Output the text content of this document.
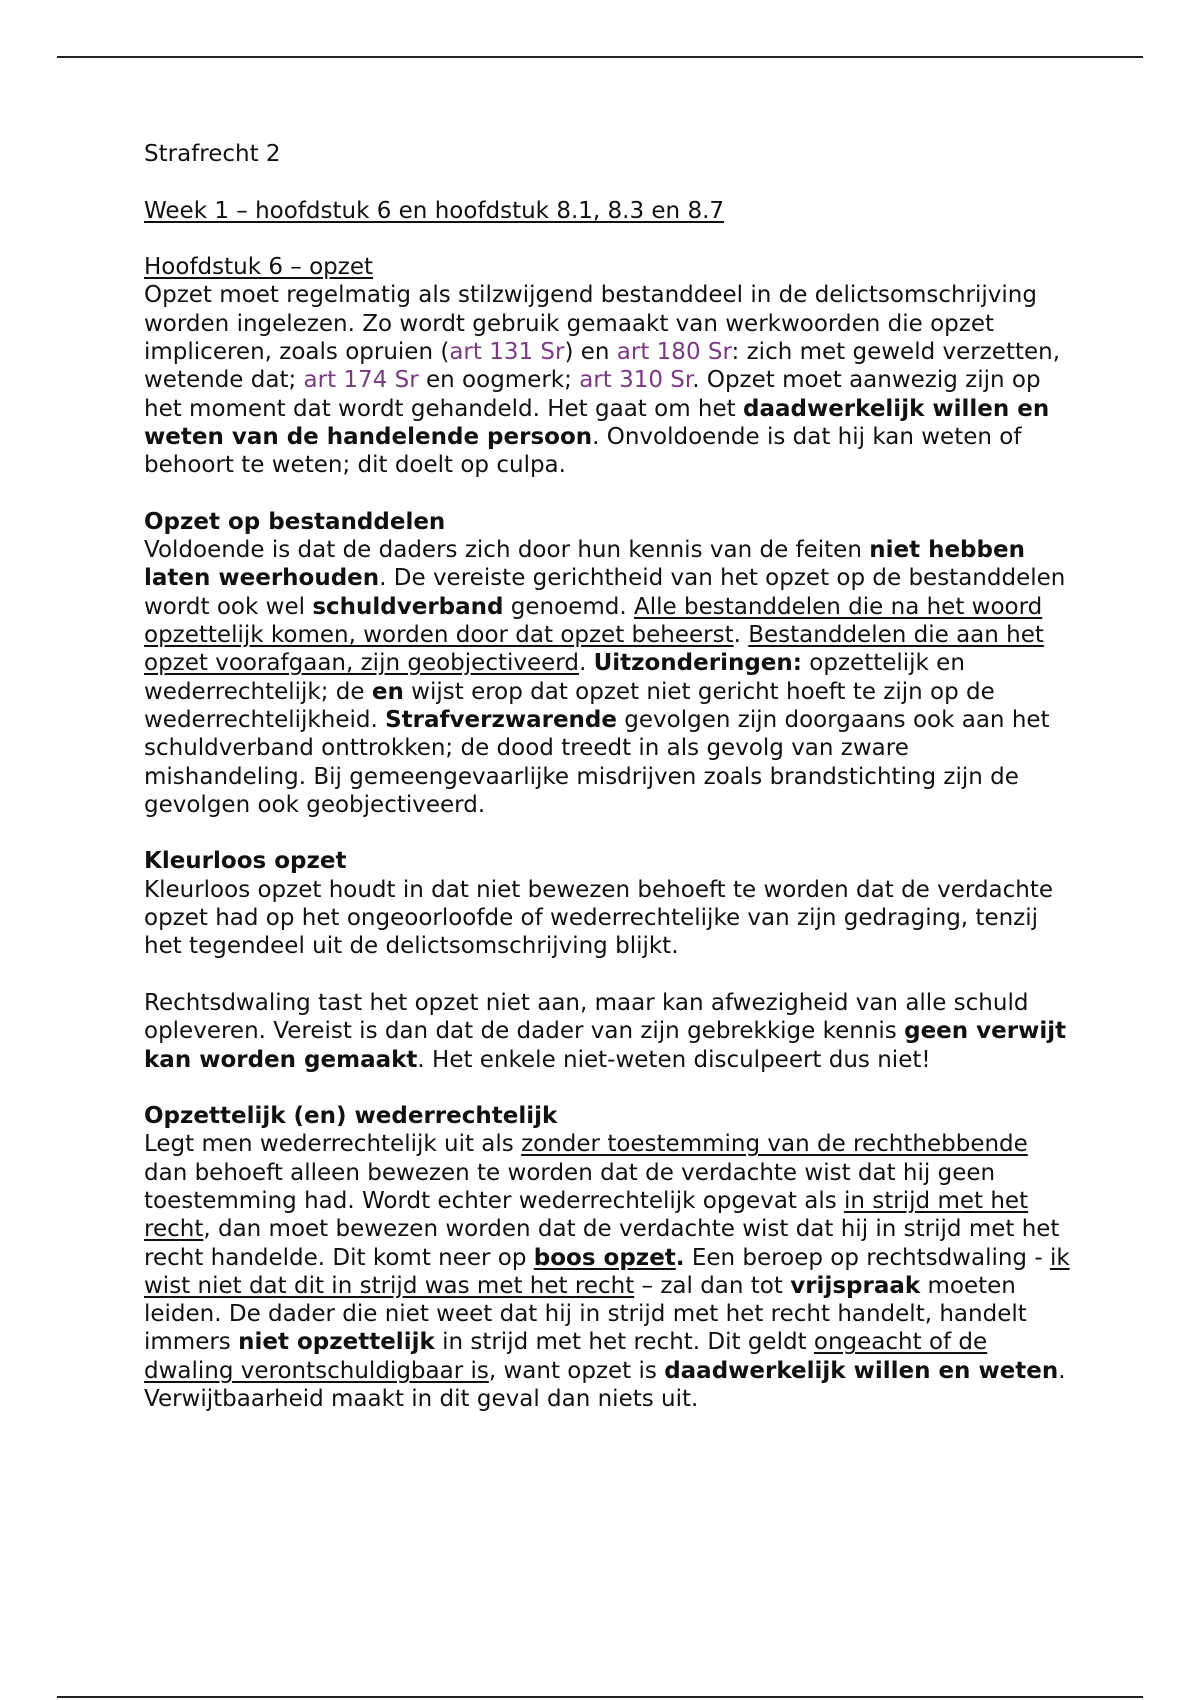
Strafrecht 2

Week 1 – hoofdstuk 6 en hoofdstuk 8.1, 8.3 en 8.7

Hoofdstuk 6 – opzet

Opzet moet regelmatig als stilzwijgend bestanddeel in de delictsomschrijving worden ingelezen. Zo wordt gebruik gemaakt van werkwoorden die opzet impliceren, zoals opruien (art 131 Sr) en art 180 Sr: zich met geweld verzetten, wetende dat; art 174 Sr en oogmerk; art 310 Sr. Opzet moet aanwezig zijn op het moment dat wordt gehandeld. Het gaat om het daadwerkelijk willen en weten van de handelende persoon. Onvoldoende is dat hij kan weten of behoort te weten; dit doelt op culpa.

Opzet op bestanddelen

Voldoende is dat de daders zich door hun kennis van de feiten niet hebben laten weerhouden. De vereiste gerichtheid van het opzet op de bestanddelen wordt ook wel schuldverband genoemd. Alle bestanddelen die na het woord opzettelijk komen, worden door dat opzet beheerst. Bestanddelen die aan het opzet voorafgaan, zijn geobjectiveerd. Uitzonderingen: opzettelijk en wederrechtelijk; de en wijst erop dat opzet niet gericht hoeft te zijn op de wederrechtelijkheid. Strafverzwarende gevolgen zijn doorgaans ook aan het schuldverband onttrokken; de dood treedt in als gevolg van zware mishandeling. Bij gemeengevaarlijke misdrijven zoals brandstichting zijn de gevolgen ook geobjectiveerd.

Kleurloos opzet

Kleurloos opzet houdt in dat niet bewezen behoeft te worden dat de verdachte opzet had op het ongeoorloofde of wederrechtelijke van zijn gedraging, tenzij het tegendeel uit de delictsomschrijving blijkt.

Rechtsdwaling tast het opzet niet aan, maar kan afwezigheid van alle schuld opleveren. Vereist is dan dat de dader van zijn gebrekkige kennis geen verwijt kan worden gemaakt. Het enkele niet-weten disculpeert dus niet!

Opzettelijk (en) wederrechtelijk

Legt men wederrechtelijk uit als zonder toestemming van de rechthebbende dan behoeft alleen bewezen te worden dat de verdachte wist dat hij geen toestemming had. Wordt echter wederrechtelijk opgevat als in strijd met het recht, dan moet bewezen worden dat de verdachte wist dat hij in strijd met het recht handelde. Dit komt neer op boos opzet. Een beroep op rechtsdwaling - ik wist niet dat dit in strijd was met het recht – zal dan tot vrijspraak moeten leiden. De dader die niet weet dat hij in strijd met het recht handelt, handelt immers niet opzettelijk in strijd met het recht. Dit geldt ongeacht of de dwaling verontschuldigbaar is, want opzet is daadwerkelijk willen en weten. Verwijtbaarheid maakt in dit geval dan niets uit.
